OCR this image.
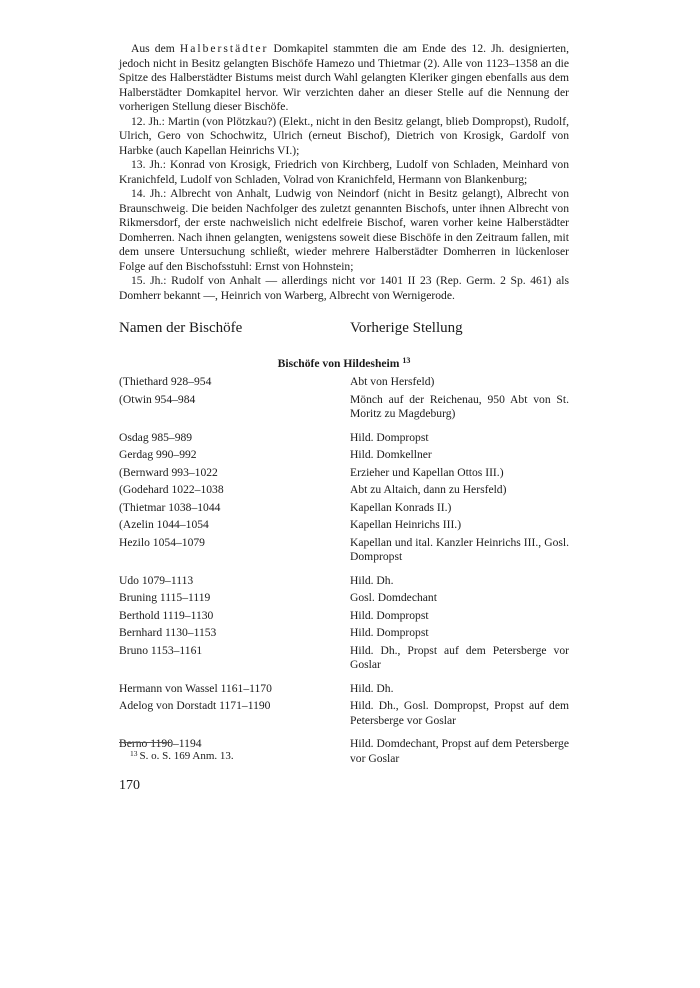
Aus dem Halberstädter Domkapitel stammten die am Ende des 12. Jh. designierten, jedoch nicht in Besitz gelangten Bischöfe Hamezo und Thietmar (2). Alle von 1123–1358 an die Spitze des Halberstädter Bistums meist durch Wahl gelangten Kleriker gingen ebenfalls aus dem Halberstädter Domkapitel hervor. Wir verzichten daher an dieser Stelle auf die Nennung der vorherigen Stellung dieser Bischöfe.

12. Jh.: Martin (von Plötzkau?) (Elekt., nicht in den Besitz gelangt, blieb Dompropst), Rudolf, Ulrich, Gero von Schochwitz, Ulrich (erneut Bischof), Dietrich von Krosigk, Gardolf von Harbke (auch Kapellan Heinrichs VI.);

13. Jh.: Konrad von Krosigk, Friedrich von Kirchberg, Ludolf von Schladen, Meinhard von Kranichfeld, Ludolf von Schladen, Volrad von Kranichfeld, Hermann von Blankenburg;

14. Jh.: Albrecht von Anhalt, Ludwig von Neindorf (nicht in Besitz gelangt), Albrecht von Braunschweig. Die beiden Nachfolger des zuletzt genannten Bischofs, unter ihnen Albrecht von Rikmersdorf, der erste nachweislich nicht edelfreie Bischof, waren vorher keine Halberstädter Domherren. Nach ihnen gelangten, wenigstens soweit diese Bischöfe in den Zeitraum fallen, mit dem unsere Untersuchung schließt, wieder mehrere Halberstädter Domherren in lückenloser Folge auf den Bischofsstuhl: Ernst von Hohnstein;

15. Jh.: Rudolf von Anhalt — allerdings nicht vor 1401 II 23 (Rep. Germ. 2 Sp. 461) als Domherr bekannt —, Heinrich von Warberg, Albrecht von Wernigerode.

Namen der Bischöfe	Vorherige Stellung
Bischöfe von Hildesheim $^{13}$
(Thiethard 928–954	Abt von Hersfeld)
(Otwin 954–984	Mönch auf der Reichenau, 950 Abt von St. Moritz zu Magdeburg)
Osdag 985–989	Hild. Dompropst
Gerdag 990–992	Hild. Domkellner
(Bernward 993–1022	Erzieher und Kapellan Ottos III.)
(Godehard 1022–1038	Abt zu Altaich, dann zu Hersfeld)
(Thietmar 1038–1044	Kapellan Konrads II.)
(Azelin 1044–1054	Kapellan Heinrichs III.)
Hezilo 1054–1079	Kapellan und ital. Kanzler Heinrichs III., Gosl. Dompropst
Udo 1079–1113	Hild. Dh.
Bruning 1115–1119	Gosl. Domdechant
Berthold 1119–1130	Hild. Dompropst
Bernhard 1130–1153	Hild. Dompropst
Bruno 1153–1161	Hild. Dh., Propst auf dem Petersberge vor Goslar
Hermann von Wassel 1161–1170	Hild. Dh.
Adelog von Dorstadt 1171–1190	Hild. Dh., Gosl. Dompropst, Propst auf dem Petersberge vor Goslar
Berno 1190–1194	Hild. Domdechant, Propst auf dem Petersberge vor Goslar
$^{13}$ S. o. S. 169 Anm. 13.
170
